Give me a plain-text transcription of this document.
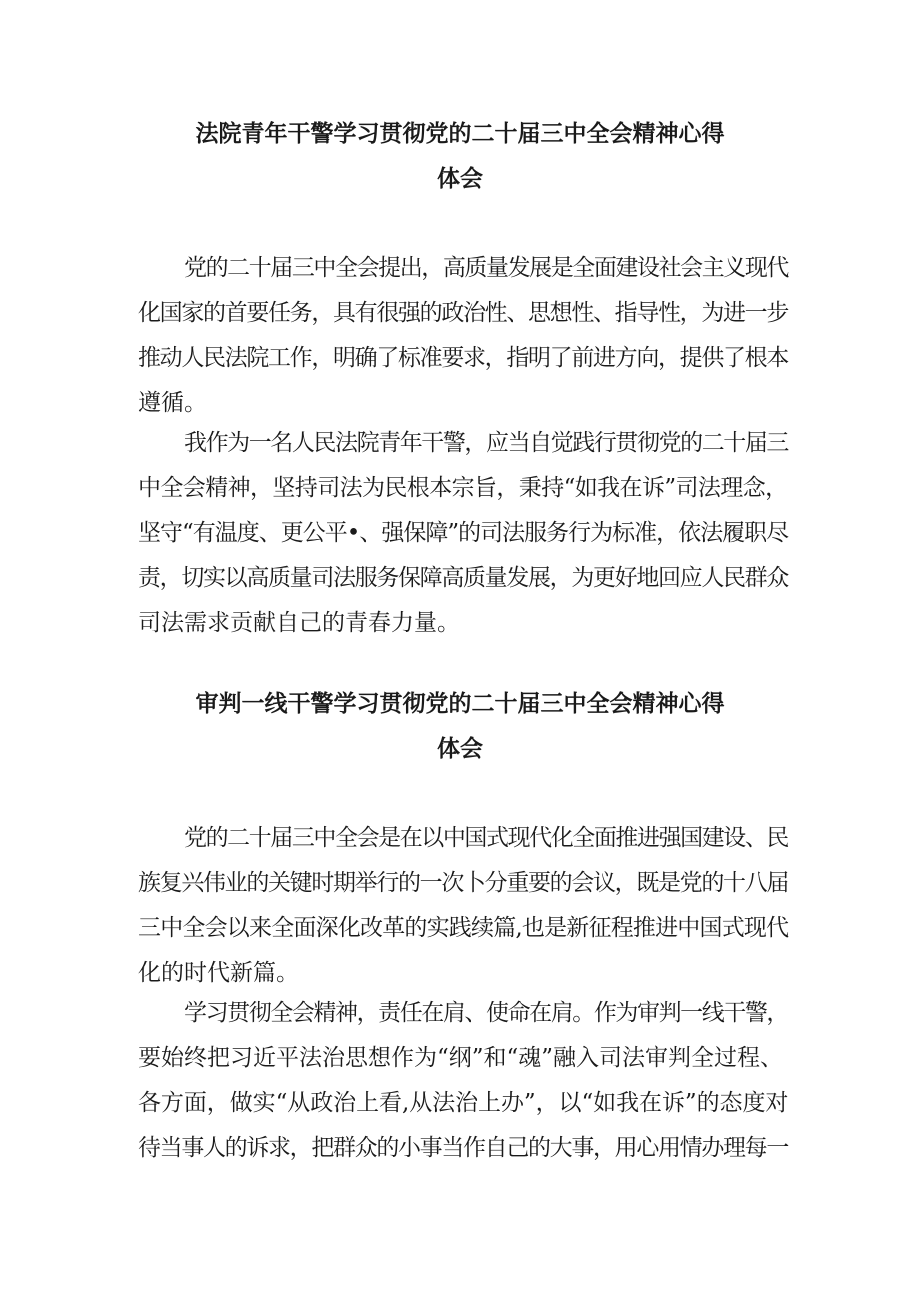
法院青年干警学习贯彻党的二十届三中全会精神心得
体会
党的二十届三中全会提出，高质量发展是全面建设社会主义现代
化国家的首要任务，具有很强的政治性、思想性、指导性，为进一步
推动人民法院工作，明确了标准要求，指明了前进方向，提供了根本
遵循。
我作为一名人民法院青年干警，应当自觉践行贯彻党的二十届三
中全会精神，坚持司法为民根本宗旨，秉持“如我在诉”司法理念，
坚守“有温度、更公平•、强保障”的司法服务行为标准，依法履职尽
责，切实以高质量司法服务保障高质量发展，为更好地回应人民群众
司法需求贡献自己的青春力量。
审判一线干警学习贯彻党的二十届三中全会精神心得
体会
党的二十届三中全会是在以中国式现代化全面推进强国建设、民
族复兴伟业的关键时期举行的一次卜分重要的会议，既是党的十八届
三中全会以来全面深化改革的实践续篇,也是新征程推进中国式现代
化的时代新篇。
学习贯彻全会精神，责任在肩、使命在肩。作为审判一线干警，
要始终把习近平法治思想作为“纲”和“魂”融入司法审判全过程、
各方面，做实“从政治上看,从法治上办”，以“如我在诉”的态度对
待当事人的诉求，把群众的小事当作自己的大事，用心用情办理每一
